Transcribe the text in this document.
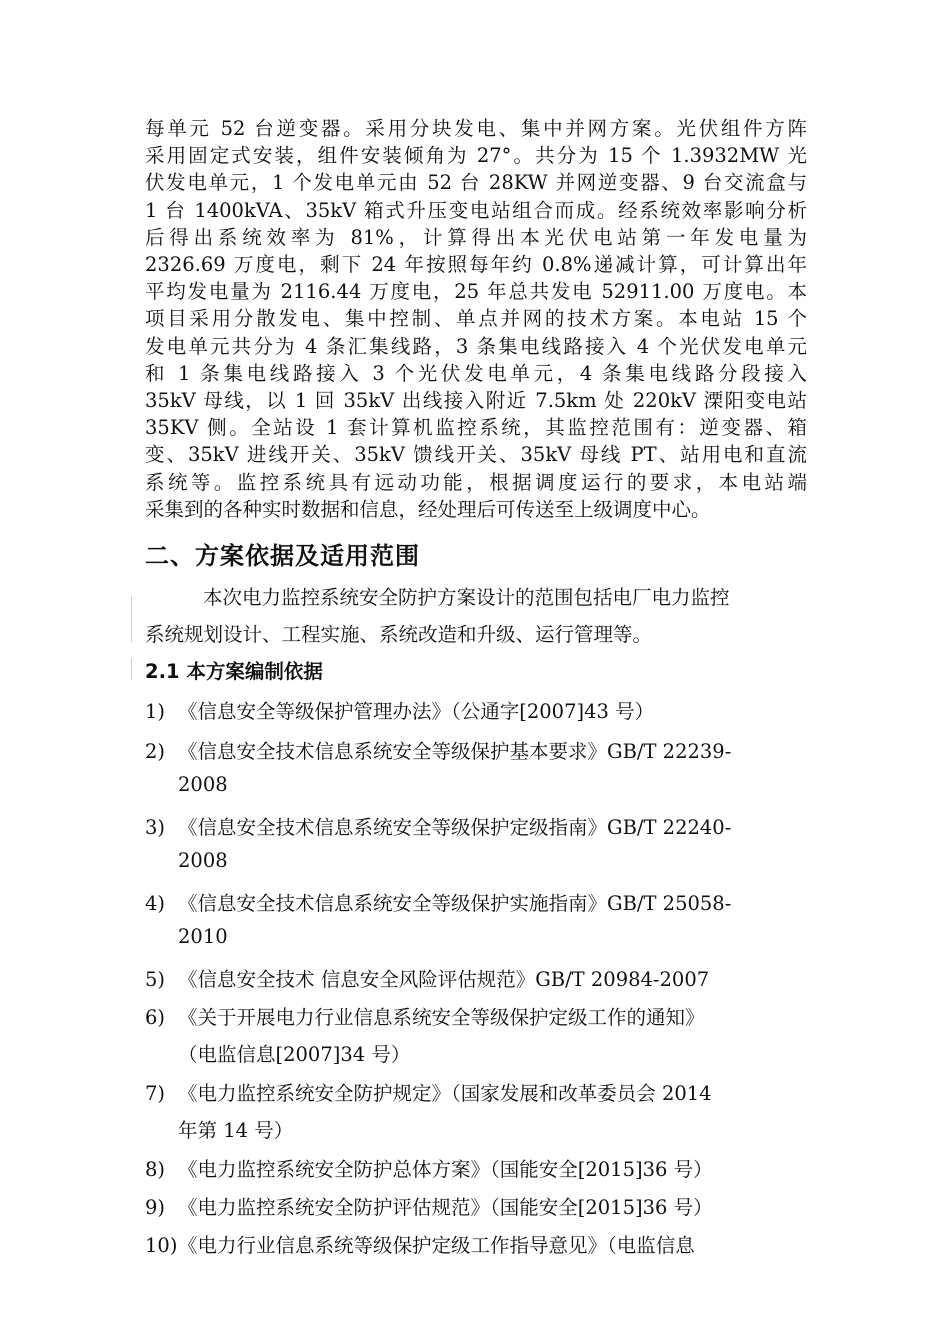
每单元 52 台逆变器。采用分块发电、集中并网方案。光伏组件方阵
采用固定式安装，组件安装倾角为 27°。共分为 15 个 1.3932MW 光
伏发电单元，1 个发电单元由 52 台 28KW 并网逆变器、9 台交流盒与
1 台 1400kVA、35kV 箱式升压变电站组合而成。经系统效率影响分析
后得出系统效率为 81%，计算得出本光伏电站第一年发电量为
2326.69 万度电，剩下 24 年按照每年约 0.8%递减计算，可计算出年
平均发电量为 2116.44 万度电，25 年总共发电 52911.00 万度电。本
项目采用分散发电、集中控制、单点并网的技术方案。本电站 15 个
发电单元共分为 4 条汇集线路，3 条集电线路接入 4 个光伏发电单元
和 1 条集电线路接入 3 个光伏发电单元，4 条集电线路分段接入
35kV 母线，以 1 回 35kV 出线接入附近 7.5km 处 220kV 溧阳变电站
35KV 侧。全站设 1 套计算机监控系统，其监控范围有：逆变器、箱
变、35kV 进线开关、35kV 馈线开关、35kV 母线 PT、站用电和直流
系统等。监控系统具有远动功能，根据调度运行的要求，本电站端
采集到的各种实时数据和信息，经处理后可传送至上级调度中心。
二、方案依据及适用范围
本次电力监控系统安全防护方案设计的范围包括电厂电力监控
系统规划设计、工程实施、系统改造和升级、运行管理等。
2.1 本方案编制依据
1) 《信息安全等级保护管理办法》（公通字[2007]43 号）
2) 《信息安全技术信息系统安全等级保护基本要求》GB/T 22239-
2008
3) 《信息安全技术信息系统安全等级保护定级指南》GB/T 22240-
2008
4) 《信息安全技术信息系统安全等级保护实施指南》GB/T 25058-
2010
5) 《信息安全技术 信息安全风险评估规范》GB/T 20984-2007
6) 《关于开展电力行业信息系统安全等级保护定级工作的通知》
（电监信息[2007]34 号）
7) 《电力监控系统安全防护规定》（国家发展和改革委员会 2014
年第 14 号）
8) 《电力监控系统安全防护总体方案》（国能安全[2015]36 号）
9) 《电力监控系统安全防护评估规范》（国能安全[2015]36 号）
10)《电力行业信息系统等级保护定级工作指导意见》（电监信息
